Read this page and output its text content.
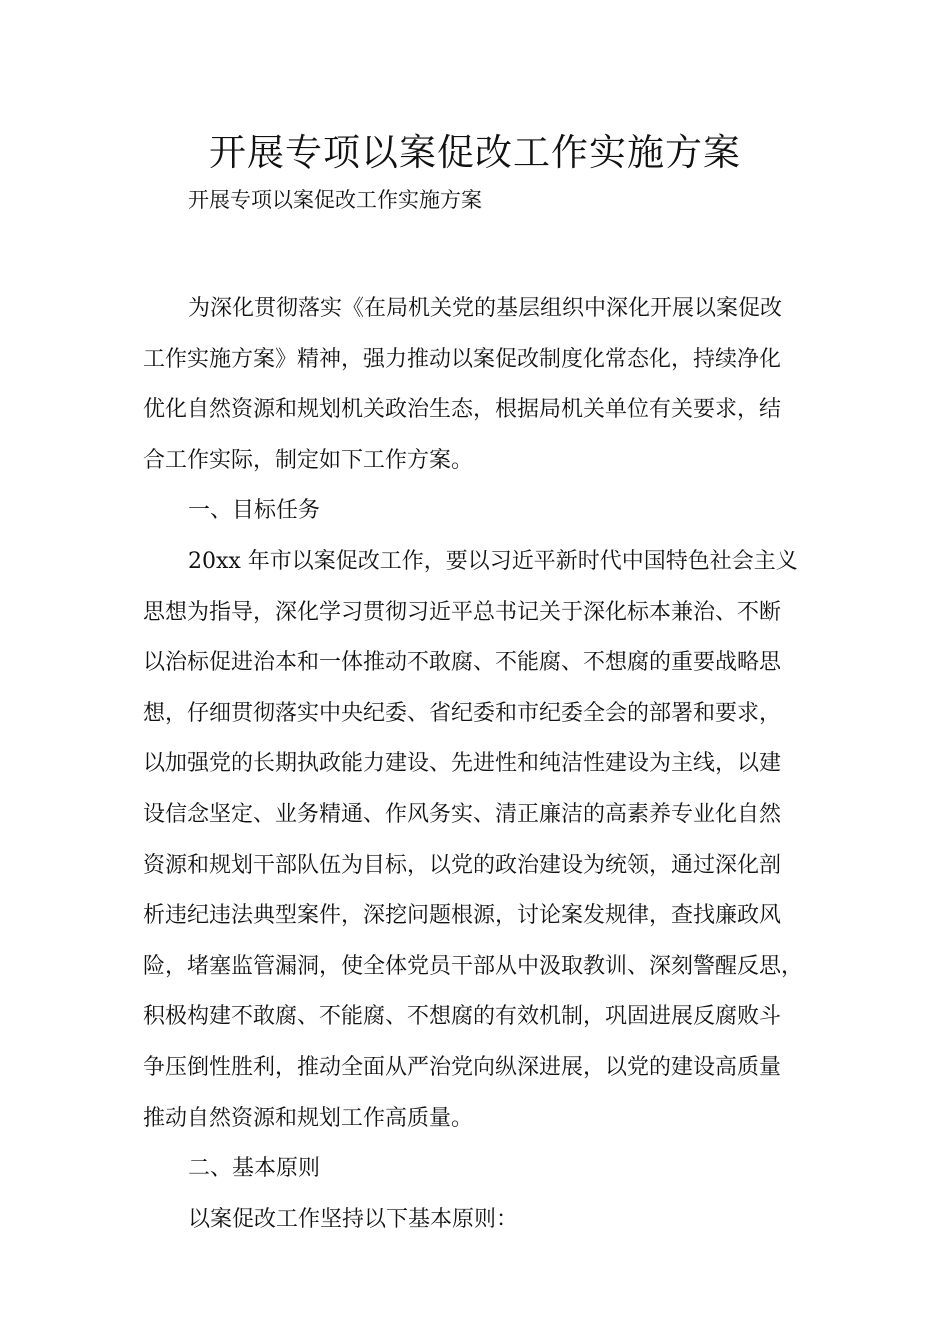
开展专项以案促改工作实施方案

开展专项以案促改工作实施方案

为深化贯彻落实《在局机关党的基层组织中深化开展以案促改
工作实施方案》精神，强力推动以案促改制度化常态化，持续净化
优化自然资源和规划机关政治生态，根据局机关单位有关要求，结
合工作实际，制定如下工作方案。
一、目标任务
20xx 年市以案促改工作，要以习近平新时代中国特色社会主义
思想为指导，深化学习贯彻习近平总书记关于深化标本兼治、不断
以治标促进治本和一体推动不敢腐、不能腐、不想腐的重要战略思
想，仔细贯彻落实中央纪委、省纪委和市纪委全会的部署和要求，
以加强党的长期执政能力建设、先进性和纯洁性建设为主线，以建
设信念坚定、业务精通、作风务实、清正廉洁的高素养专业化自然
资源和规划干部队伍为目标，以党的政治建设为统领，通过深化剖
析违纪违法典型案件，深挖问题根源，讨论案发规律，查找廉政风
险，堵塞监管漏洞，使全体党员干部从中汲取教训、深刻警醒反思，
积极构建不敢腐、不能腐、不想腐的有效机制，巩固进展反腐败斗
争压倒性胜利，推动全面从严治党向纵深进展，以党的建设高质量
推动自然资源和规划工作高质量。
二、基本原则
以案促改工作坚持以下基本原则：
